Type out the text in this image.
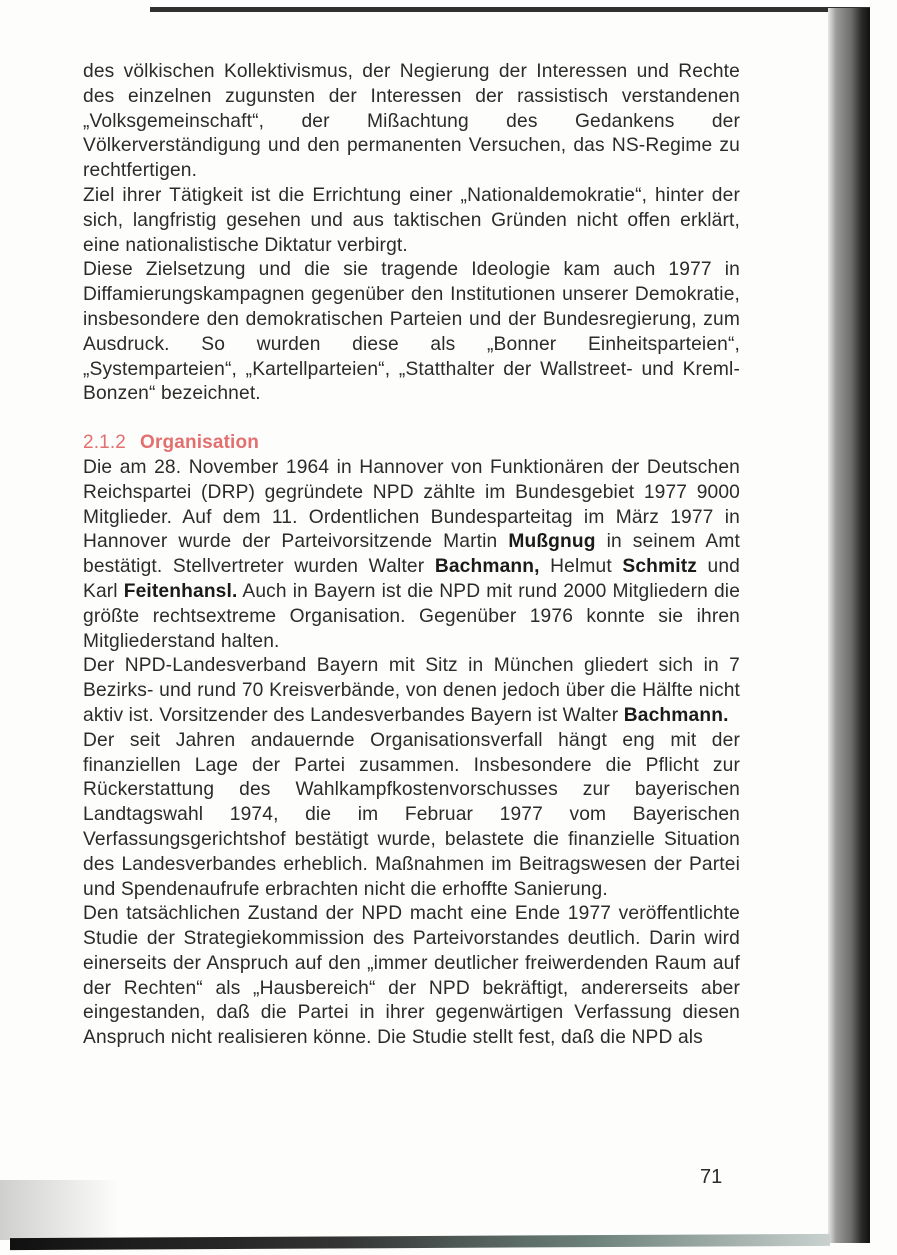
des völkischen Kollektivismus, der Negierung der Interessen und Rechte des einzelnen zugunsten der Interessen der rassistisch verstandenen „Volksgemeinschaft“, der Mißachtung des Gedankens der Völkerverständigung und den permanenten Versuchen, das NS-Regime zu rechtfertigen.

Ziel ihrer Tätigkeit ist die Errichtung einer „Nationaldemokratie“, hinter der sich, langfristig gesehen und aus taktischen Gründen nicht offen erklärt, eine nationalistische Diktatur verbirgt.

Diese Zielsetzung und die sie tragende Ideologie kam auch 1977 in Diffamierungskampagnen gegenüber den Institutionen unserer Demokratie, insbesondere den demokratischen Parteien und der Bundesregierung, zum Ausdruck. So wurden diese als „Bonner Einheitsparteien“, „Systemparteien“, „Kartellparteien“, „Statthalter der Wallstreet- und Kreml-Bonzen“ bezeichnet.

2.1.2 Organisation

Die am 28. November 1964 in Hannover von Funktionären der Deutschen Reichspartei (DRP) gegründete NPD zählte im Bundesgebiet 1977 9000 Mitglieder. Auf dem 11. Ordentlichen Bundesparteitag im März 1977 in Hannover wurde der Parteivorsitzende Martin Mußgnug in seinem Amt bestätigt. Stellvertreter wurden Walter Bachmann, Helmut Schmitz und Karl Feitenhansl. Auch in Bayern ist die NPD mit rund 2000 Mitgliedern die größte rechtsextreme Organisation. Gegenüber 1976 konnte sie ihren Mitgliederstand halten.

Der NPD-Landesverband Bayern mit Sitz in München gliedert sich in 7 Bezirks- und rund 70 Kreisverbände, von denen jedoch über die Hälfte nicht aktiv ist. Vorsitzender des Landesverbandes Bayern ist Walter Bachmann.

Der seit Jahren andauernde Organisationsverfall hängt eng mit der finanziellen Lage der Partei zusammen. Insbesondere die Pflicht zur Rückerstattung des Wahlkampfkostenvorschusses zur bayerischen Landtagswahl 1974, die im Februar 1977 vom Bayerischen Verfassungsgerichtshof bestätigt wurde, belastete die finanzielle Situation des Landesverbandes erheblich. Maßnahmen im Beitragswesen der Partei und Spendenaufrufe erbrachten nicht die erhoffte Sanierung.

Den tatsächlichen Zustand der NPD macht eine Ende 1977 veröffentlichte Studie der Strategiekommission des Parteivorstandes deutlich. Darin wird einerseits der Anspruch auf den „immer deutlicher freiwerdenden Raum auf der Rechten“ als „Hausbereich“ der NPD bekräftigt, andererseits aber eingestanden, daß die Partei in ihrer gegenwärtigen Verfassung diesen Anspruch nicht realisieren könne. Die Studie stellt fest, daß die NPD als

71
